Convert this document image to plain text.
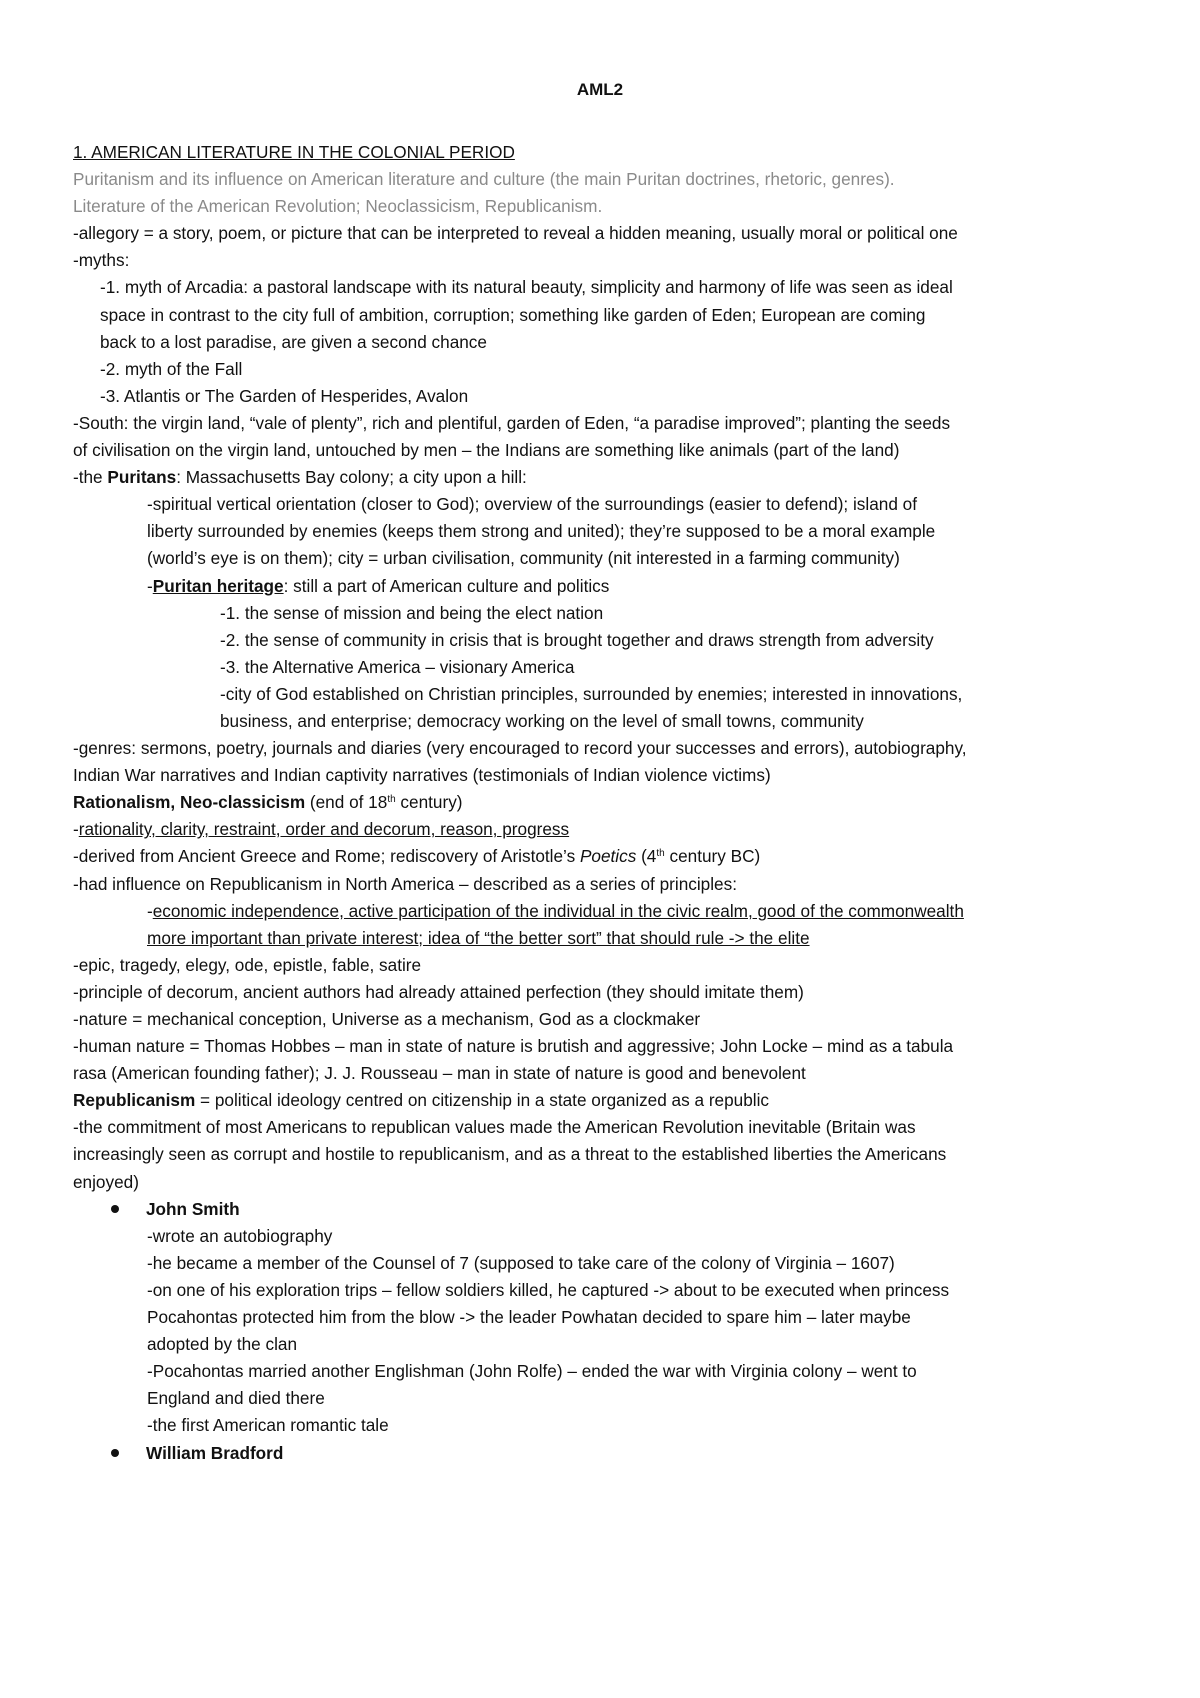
AML2
1. AMERICAN LITERATURE IN THE COLONIAL PERIOD
Puritanism and its influence on American literature and culture (the main Puritan doctrines, rhetoric, genres).
Literature of the American Revolution; Neoclassicism, Republicanism.
-allegory = a story, poem, or picture that can be interpreted to reveal a hidden meaning, usually moral or political one
-myths:
-1. myth of Arcadia: a pastoral landscape with its natural beauty, simplicity and harmony of life was seen as ideal
space in contrast to the city full of ambition, corruption; something like garden of Eden; European are coming
back to a lost paradise, are given a second chance
-2. myth of the Fall
-3. Atlantis or The Garden of Hesperides, Avalon
-South: the virgin land, “vale of plenty”, rich and plentiful, garden of Eden, “a paradise improved”; planting the seeds
of civilisation on the virgin land, untouched by men – the Indians are something like animals (part of the land)
-the Puritans: Massachusetts Bay colony; a city upon a hill:
-spiritual vertical orientation (closer to God); overview of the surroundings (easier to defend); island of
liberty surrounded by enemies (keeps them strong and united); they’re supposed to be a moral example
(world’s eye is on them); city = urban civilisation, community (nit interested in a farming community)
-Puritan heritage: still a part of American culture and politics
-1. the sense of mission and being the elect nation
-2. the sense of community in crisis that is brought together and draws strength from adversity
-3. the Alternative America – visionary America
-city of God established on Christian principles, surrounded by enemies; interested in innovations,
business, and enterprise; democracy working on the level of small towns, community
-genres: sermons, poetry, journals and diaries (very encouraged to record your successes and errors), autobiography,
Indian War narratives and Indian captivity narratives (testimonials of Indian violence victims)
Rationalism, Neo-classicism (end of 18th century)
-rationality, clarity, restraint, order and decorum, reason, progress
-derived from Ancient Greece and Rome; rediscovery of Aristotle’s Poetics (4th century BC)
-had influence on Republicanism in North America – described as a series of principles:
-economic independence, active participation of the individual in the civic realm, good of the commonwealth
more important than private interest; idea of “the better sort” that should rule -> the elite
-epic, tragedy, elegy, ode, epistle, fable, satire
-principle of decorum, ancient authors had already attained perfection (they should imitate them)
-nature = mechanical conception, Universe as a mechanism, God as a clockmaker
-human nature = Thomas Hobbes – man in state of nature is brutish and aggressive; John Locke – mind as a tabula
rasa (American founding father); J. J. Rousseau – man in state of nature is good and benevolent
Republicanism = political ideology centred on citizenship in a state organized as a republic
-the commitment of most Americans to republican values made the American Revolution inevitable (Britain was
increasingly seen as corrupt and hostile to republicanism, and as a threat to the established liberties the Americans
enjoyed)
John Smith
-wrote an autobiography
-he became a member of the Counsel of 7 (supposed to take care of the colony of Virginia – 1607)
-on one of his exploration trips – fellow soldiers killed, he captured -> about to be executed when princess
Pocahontas protected him from the blow -> the leader Powhatan decided to spare him – later maybe
adopted by the clan
-Pocahontas married another Englishman (John Rolfe) – ended the war with Virginia colony – went to
England and died there
-the first American romantic tale
William Bradford
